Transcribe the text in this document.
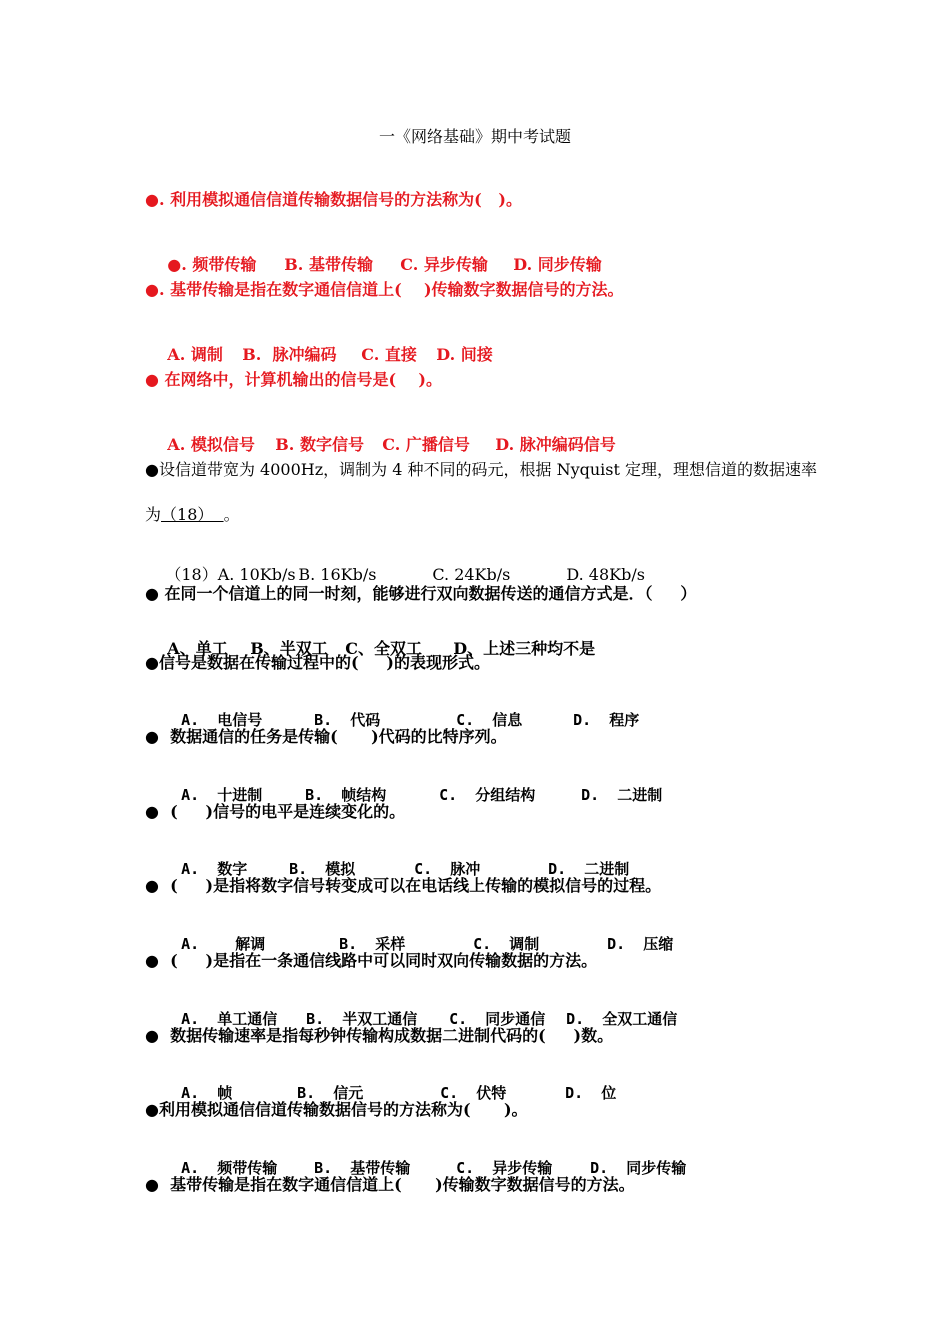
一《网络基础》期中考试题
●. 利用模拟通信信道传输数据信号的方法称为(   )。

●. 频带传输 B. 基带传输 C. 异步传输 D. 同步传输

●. 基带传输是指在数字通信信道上(    )传输数字数据信号的方法。

A. 调制 B.  脉冲编码 C. 直接 D. 间接

● 在网络中，计算机输出的信号是(    )。

A. 模拟信号 B. 数字信号 C. 广播信号 D. 脉冲编码信号

●设信道带宽为 4000Hz，调制为 4 种不同的码元，根据 Nyquist 定理，理想信道的数据速率
为（18）  。

（18）A. 10Kb/s B. 16Kb/s	C. 24Kb/s	D. 48Kb/s

● 在同一个信道上的同一时刻，能够进行双向数据传送的通信方式是．（     ）

A、单工 B、半双工 C、全双工 D、上述三种均不是

●信号是数据在传输过程中的(     )的表现形式。

A.  电信号	B.  代码	C.  信息	D.  程序

●  数据通信的任务是传输(      )代码的比特序列。

A.  十进制	B.  帧结构	C.  分组结构	D.  二进制

●  (     )信号的电平是连续变化的。

A.  数字	B.  模拟	C.  脉冲	D.  二进制

●  (     )是指将数字信号转变成可以在电话线上传输的模拟信号的过程。

A.    解调	B.  采样	C.  调制	D.  压缩

●  (     )是指在一条通信线路中可以同时双向传输数据的方法。

A.  单工通信 B.  半双工通信 C.  同步通信 D.  全双工通信

●  数据传输速率是指每秒钟传输构成数据二进制代码的(     )数。

A.  帧	B.  信元	C.  伏特	D.  位

●利用模拟通信信道传输数据信号的方法称为(      )。

A.  频带传输 B.  基带传输	C.  异步传输	D.  同步传输

●  基带传输是指在数字通信信道上(      )传输数字数据信号的方法。
